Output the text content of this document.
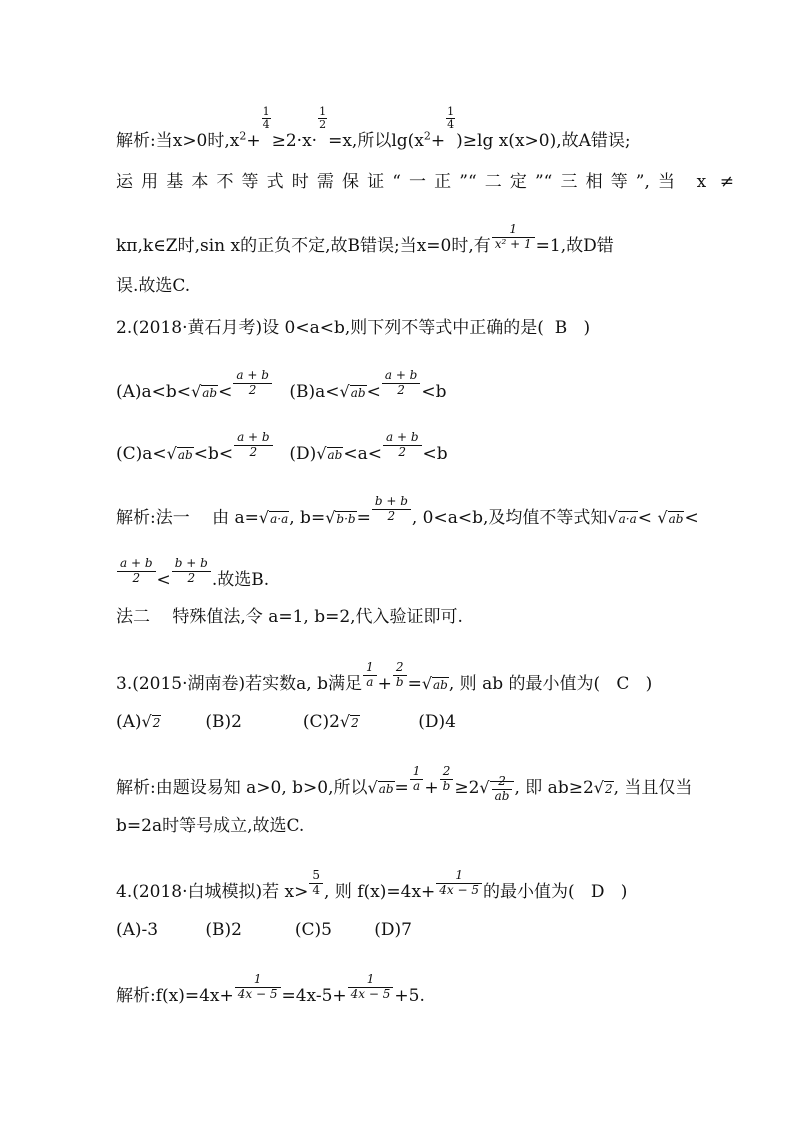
解析:当x>0时$,x^2+$
$\frac{1}{4}$
≥2·x·
$\frac{1}{2}$
=x,所以$\lg(x^2+$
$\frac{1}{4}$
)≥lg x(x>0),故A错误;
运用基本不等式时需保证“一正”“二定”“三相等”,当 x ≠
kπ,k∈Z时,sin x的正负不定,故B错误;当x=0时,有 $\frac{1}{\text{x² + 1}} =1$,故D错
误.故选C.
2.(2018·黄石月考)设 0<a<b,则下列不等式中正确的是( B )
$(A)a<b<√ab< \frac{a + b}{2} (B)a<√ab< \frac{a + b}{2} <b$
$(C)a<√ab<b< \frac{a + b}{2} (D)√ab<a< \frac{a + b}{2} <b$
解析:法一　 由 a=√a·a, $b=√b\cdot b= \frac{b + b}{2}$ , 0<a<b,及均值不等式知√a·a< √ab<
$\frac{a + b}{2} < \frac{b + b}{2}$ .故选B.
法二　 特殊值法,令 a=1, b=2,代入验证即可.
3.(2015·湖南卷)若实数a, b满足 $\frac{1}{a} + \frac{2}{b} =√ab$, 则 ab 的最小值为( C )
(A)√2	(B)2	(C)2√2	(D)4
解析:由题设易知 a>0, b>0,所以$√ab= \frac{1}{a} + \frac{2}{b} \ge 2√ \frac{2}{ab}$ , 即 ab≥2√2, 当且仅当
b=2a时等号成立,故选C.
4.(2018·白城模拟)若 $x> \frac{5}{4}$ , 则 $f(x)=4x+ \frac{1}{4x - 5}$ 的最小值为( D )
(A)-3	(B)2	(C)5 (D)7
解析:f(x)=4x+ $\frac{1}{4x - 5} =4x-5+ \frac{1}{4x - 5} +5$.
